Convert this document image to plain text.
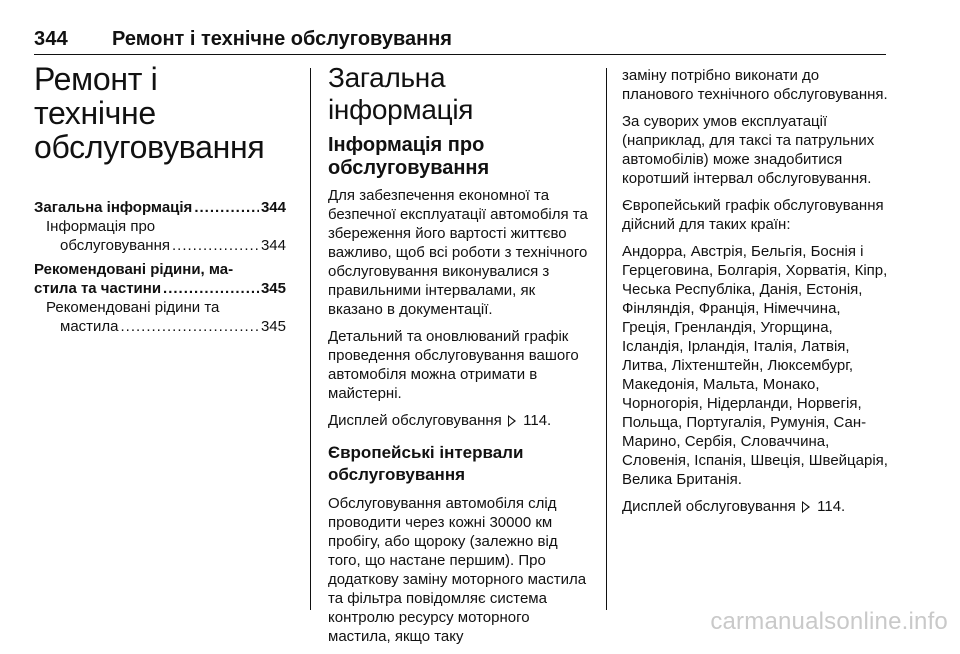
344 Ремонт і технічне обслуговування
Ремонт і технічне
обслуговування
Загальна інформація .....	344
Інформація про
обслуговування .....	344
Рекомендовані рідини, ма-
стила та частини .....	345
Рекомендовані рідини та
мастила .....	345
Загальна інформація
Інформація про
обслуговування

Для забезпечення економної та безпечної експлуатації автомобіля та збереження його вартості життєво важливо, щоб всі роботи з технічного обслуговування виконувалися з правильними інтервалами, як вказано в документації.

Детальний та оновлюваний графік проведення обслуговування вашого автомобіля можна отримати в майстерні.

Дисплей обслуговування 114.

Європейські інтервали
обслуговування

Обслуговування автомобіля слід проводити через кожні 30000 км пробігу, або щороку (залежно від того, що настане першим). Про додаткову заміну моторного мастила та фільтра повідомляє система контролю ресурсу моторного мастила, якщо таку

заміну потрібно виконати до планового технічного обслуговування.

За суворих умов експлуатації (наприклад, для таксі та патрульних автомобілів) може знадобитися коротший інтервал обслуговування.

Європейський графік обслуговування дійсний для таких країн:

Андорра, Австрія, Бельгія, Боснія і Герцеговина, Болгарія, Хорватія, Кіпр, Чеська Республіка, Данія, Естонія, Фінляндія, Франція, Німеччина, Греція, Гренландія, Угорщина, Ісландія, Ірландія, Італія, Латвія, Литва, Ліхтенштейн, Люксембург, Македонія, Мальта, Монако, Чорногорія, Нідерланди, Норвегія, Польща, Португалія, Румунія, Сан-Марино, Сербія, Словаччина, Словенія, Іспанія, Швеція, Швейцарія, Велика Британія.

Дисплей обслуговування 114.

carmanualsonline.info
